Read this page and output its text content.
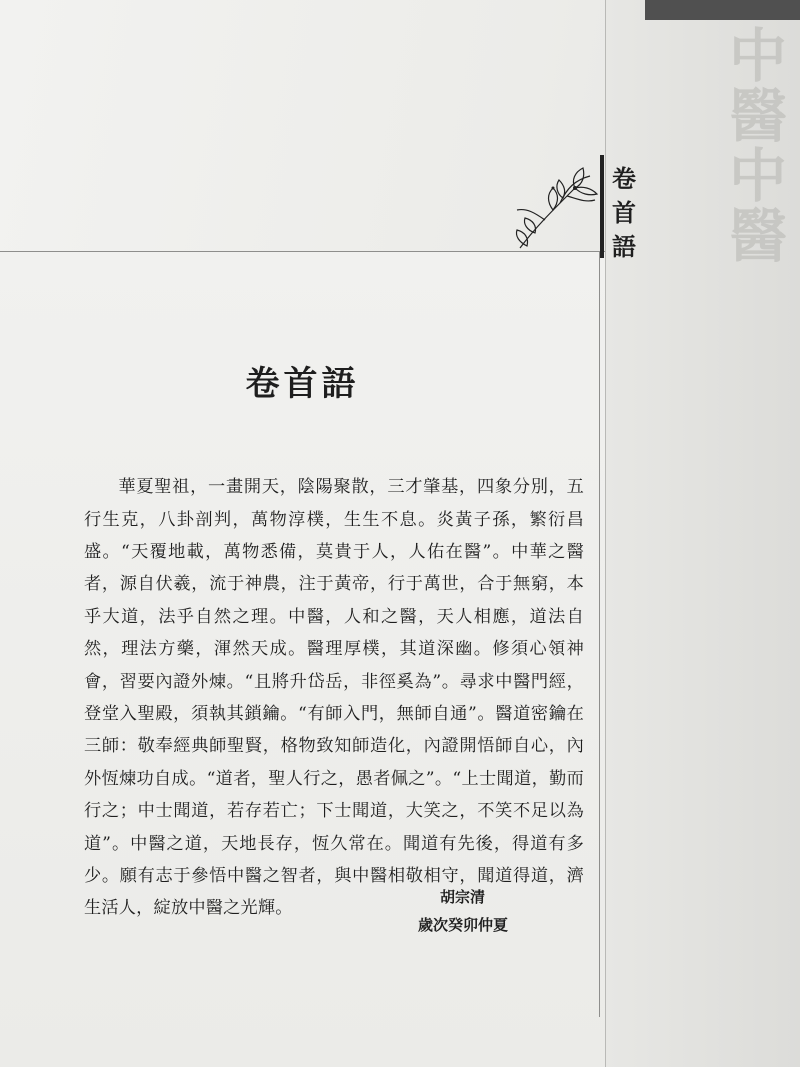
中
醫
中
醫
卷
首
語
卷首語

華夏聖祖，一畫開天，陰陽聚散，三才肇基，四象分別，五行生克，八卦剖判，萬物淳樸，生生不息。炎黃子孫，繁衍昌盛。“天覆地載，萬物悉備，莫貴于人，人佑在醫”。中華之醫者，源自伏羲，流于神農，注于黃帝，行于萬世，合于無窮，本乎大道，法乎自然之理。中醫，人和之醫，天人相應，道法自然，理法方藥，渾然天成。醫理厚樸，其道深幽。修須心領神會，習要內證外煉。“且將升岱岳，非徑奚為”。尋求中醫門經，登堂入聖殿，須執其鎖鑰。“有師入門，無師自通”。醫道密鑰在三師：敬奉經典師聖賢，格物致知師造化，內證開悟師自心，內外恆煉功自成。“道者，聖人行之，愚者佩之”。“上士聞道，勤而行之；中士聞道，若存若亡；下士聞道，大笑之，不笑不足以為道”。中醫之道，天地長存，恆久常在。聞道有先後，得道有多少。願有志于參悟中醫之智者，與中醫相敬相守，聞道得道，濟生活人，綻放中醫之光輝。

胡宗清
歲次癸卯仲夏
